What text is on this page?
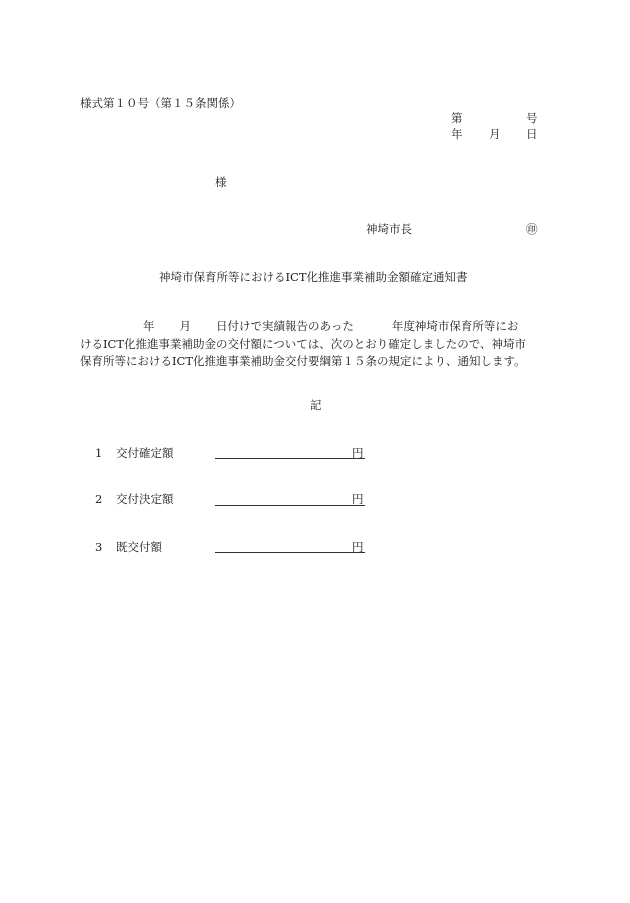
様式第１０号（第１５条関係）
第	号
年 月 日
様
神埼市長	㊞
神埼市保育所等におけるICT化推進事業補助金額確定通知書
年 月 日付けで実績報告のあった	年度神埼市保育所等にお
けるICT化推進事業補助金の交付額については、次のとおり確定しましたので、神埼市
保育所等におけるICT化推進事業補助金交付要綱第１５条の規定により、通知します。
記
1 交付確定額	円
2 交付決定額	円
3 既交付額	円
